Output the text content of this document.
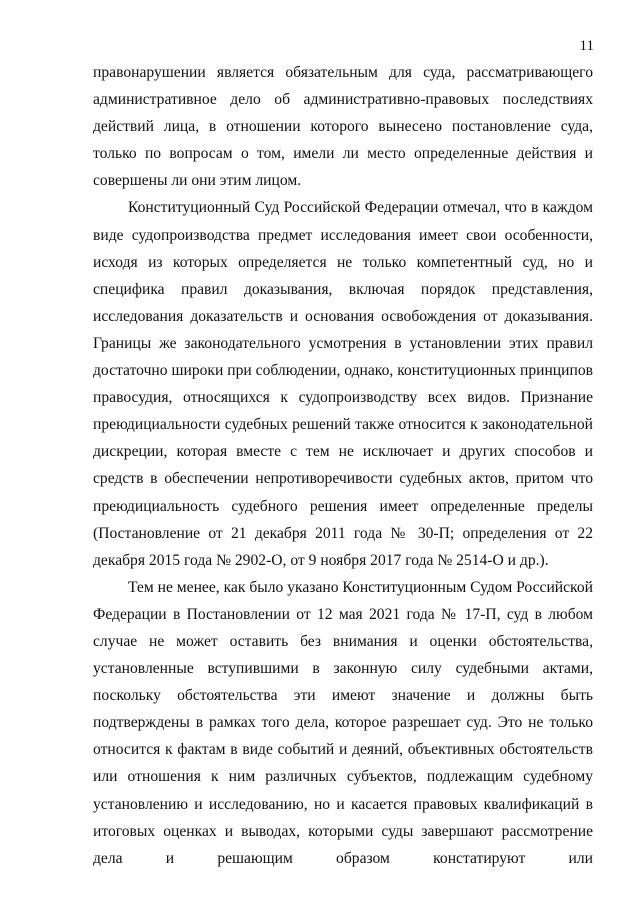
11

правонарушении является обязательным для суда, рассматривающего административное дело об административно-правовых последствиях действий лица, в отношении которого вынесено постановление суда, только по вопросам о том, имели ли место определенные действия и совершены ли они этим лицом.

Конституционный Суд Российской Федерации отмечал, что в каждом виде судопроизводства предмет исследования имеет свои особенности, исходя из которых определяется не только компетентный суд, но и специфика правил доказывания, включая порядок представления, исследования доказательств и основания освобождения от доказывания. Границы же законодательного усмотрения в установлении этих правил достаточно широки при соблюдении, однако, конституционных принципов правосудия, относящихся к судопроизводству всех видов. Признание преюдициальности судебных решений также относится к законодательной дискреции, которая вместе с тем не исключает и других способов и средств в обеспечении непротиворечивости судебных актов, притом что преюдициальность судебного решения имеет определенные пределы (Постановление от 21 декабря 2011 года № 30-П; определения от 22 декабря 2015 года № 2902-О, от 9 ноября 2017 года № 2514-О и др.).

Тем не менее, как было указано Конституционным Судом Российской Федерации в Постановлении от 12 мая 2021 года № 17-П, суд в любом случае не может оставить без внимания и оценки обстоятельства, установленные вступившими в законную силу судебными актами, поскольку обстоятельства эти имеют значение и должны быть подтверждены в рамках того дела, которое разрешает суд. Это не только относится к фактам в виде событий и деяний, объективных обстоятельств или отношения к ним различных субъектов, подлежащим судебному установлению и исследованию, но и касается правовых квалификаций в итоговых оценках и выводах, которыми суды завершают рассмотрение дела и решающим образом констатируют или
